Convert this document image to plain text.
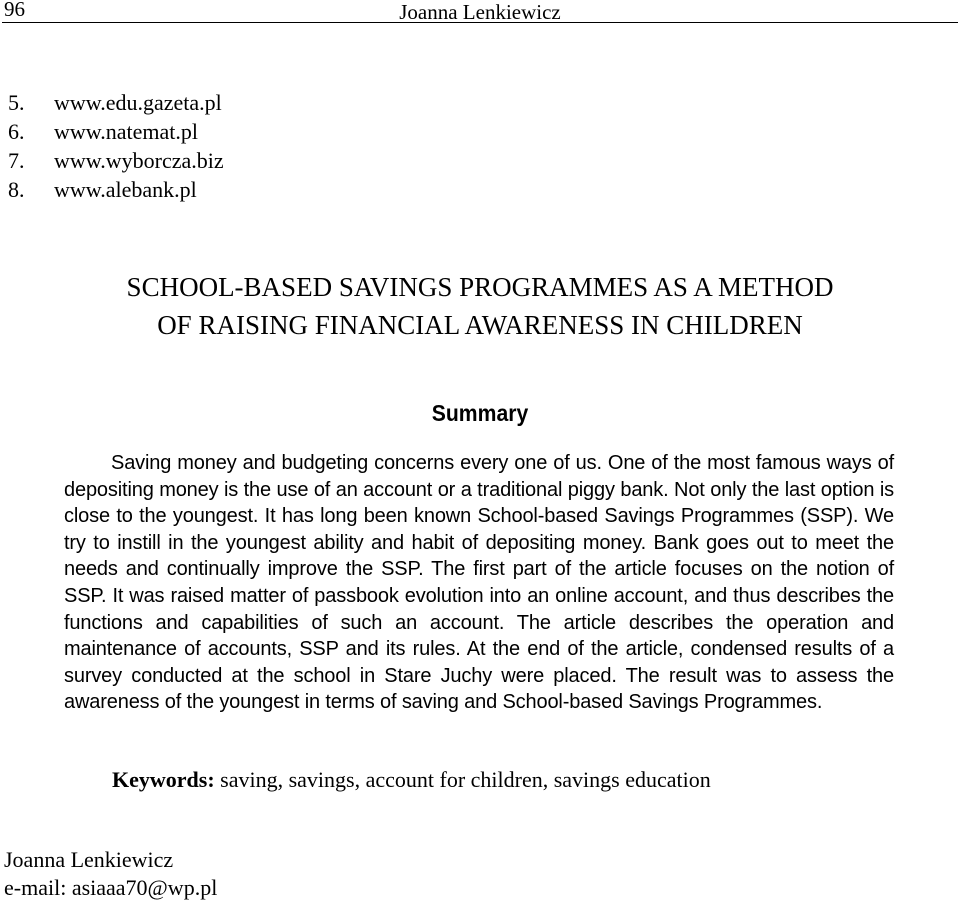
96	Joanna Lenkiewicz
5.	www.edu.gazeta.pl
6.	www.natemat.pl
7.	www.wyborcza.biz
8.	www.alebank.pl
SCHOOL-BASED SAVINGS PROGRAMMES AS A METHOD
OF RAISING FINANCIAL AWARENESS IN CHILDREN
Summary

Saving money and budgeting concerns every one of us. One of the most famous ways of depositing money is the use of an account or a traditional piggy bank. Not only the last option is close to the youngest. It has long been known School-based Savings Programmes (SSP). We try to instill in the youngest ability and habit of depositing money. Bank goes out to meet the needs and continually improve the SSP. The first part of the article focuses on the notion of SSP. It was raised matter of passbook evolution into an online account, and thus describes the functions and capabilities of such an account. The article describes the operation and maintenance of accounts, SSP and its rules. At the end of the article, condensed results of a survey conducted at the school in Stare Juchy were placed. The result was to assess the awareness of the youngest in terms of saving and School-based Savings Programmes.

Keywords: saving, savings, account for children, savings education

Joanna Lenkiewicz
e-mail: asiaaa70@wp.pl
